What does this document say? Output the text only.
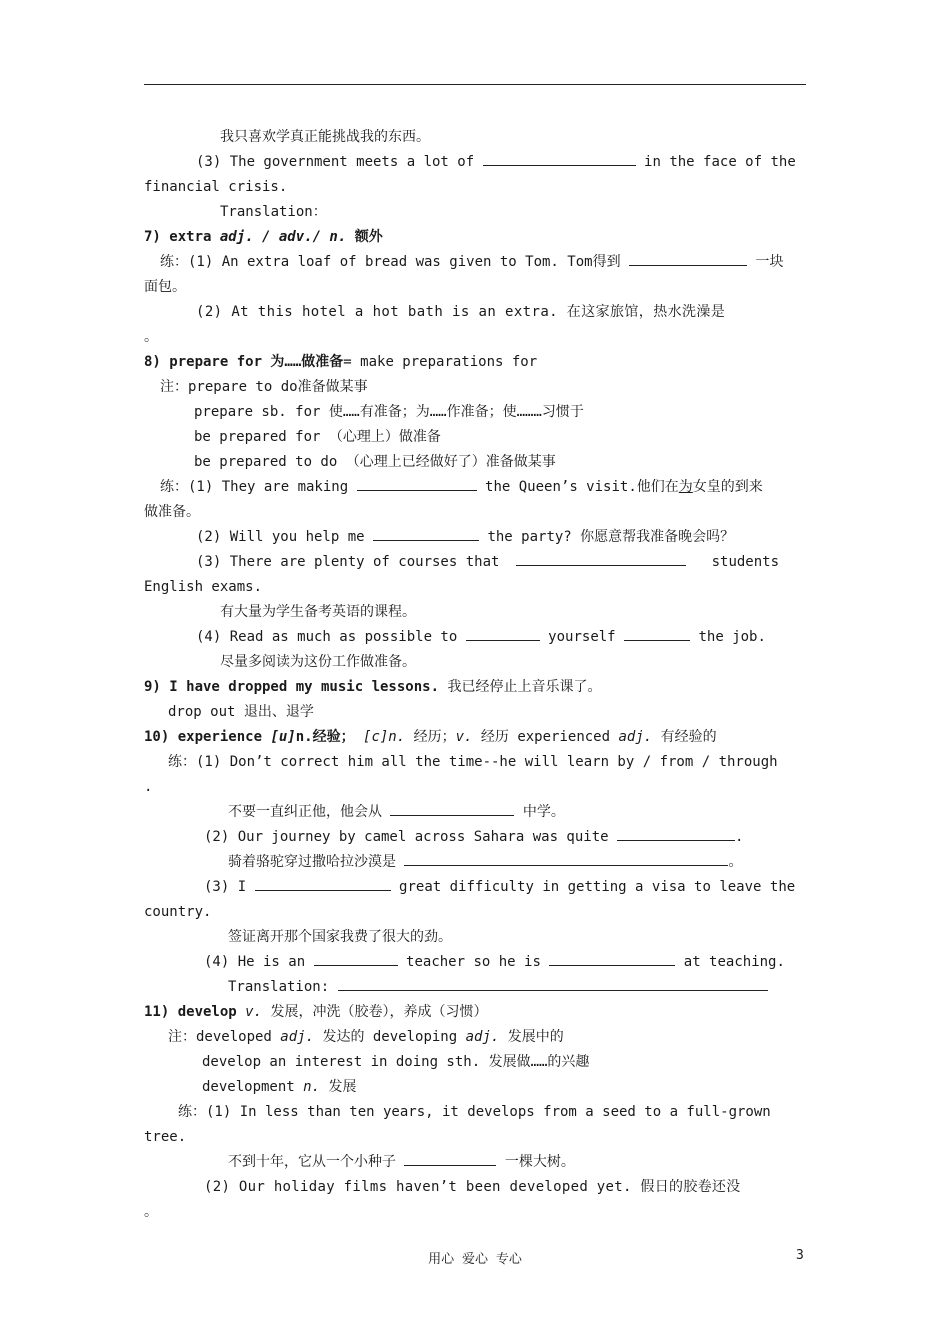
我只喜欢学真正能挑战我的东西。
(3) The government meets a lot of	in the face of the
financial crisis.
Translation：
7) extra adj. / adv./ n. 额外
练：(1) An extra loaf of bread was given to Tom. Tom得到	一块
面包。
(2) At this hotel a hot bath is an extra. 在这家旅馆，热水洗澡是
。
8) prepare for 为……做准备= make preparations for
注：prepare to do准备做某事
prepare sb. for 使……有准备；为……作准备；使………习惯于
be prepared for （心理上）做准备
be prepared to do （心理上已经做好了）准备做某事
练：(1) They are making	the Queen’s visit.他们在为女皇的到来
做准备。
(2) Will you help me	the party? 你愿意帮我准备晚会吗？
(3) There are plenty of courses that	students
English exams.
有大量为学生备考英语的课程。
(4) Read as much as possible to	yourself	the job.
尽量多阅读为这份工作做准备。
9) I have dropped my music lessons. 我已经停止上音乐课了。
drop out 退出、退学
10) experience [u]n.经验； [c]n. 经历；v. 经历 experienced adj. 有经验的
练：(1) Don’t correct him all the time--he will learn by / from / through
.
不要一直纠正他，他会从	中学。
(2) Our journey by camel across Sahara was quite	.
骑着骆驼穿过撒哈拉沙漠是	。
(3) I	great difficulty in getting a visa to leave the
country.
签证离开那个国家我费了很大的劲。
(4) He is an	teacher so he is	at teaching.
Translation:
11) develop v. 发展，冲洗（胶卷），养成（习惯）
注：developed adj. 发达的 developing adj. 发展中的
develop an interest in doing sth. 发展做……的兴趣
development n. 发展
练：(1) In less than ten years, it develops from a seed to a full-grown
tree.
不到十年，它从一个小种子	一棵大树。
(2) Our holiday films haven’t been developed yet. 假日的胶卷还没
。
用心 爱心 专心	3
